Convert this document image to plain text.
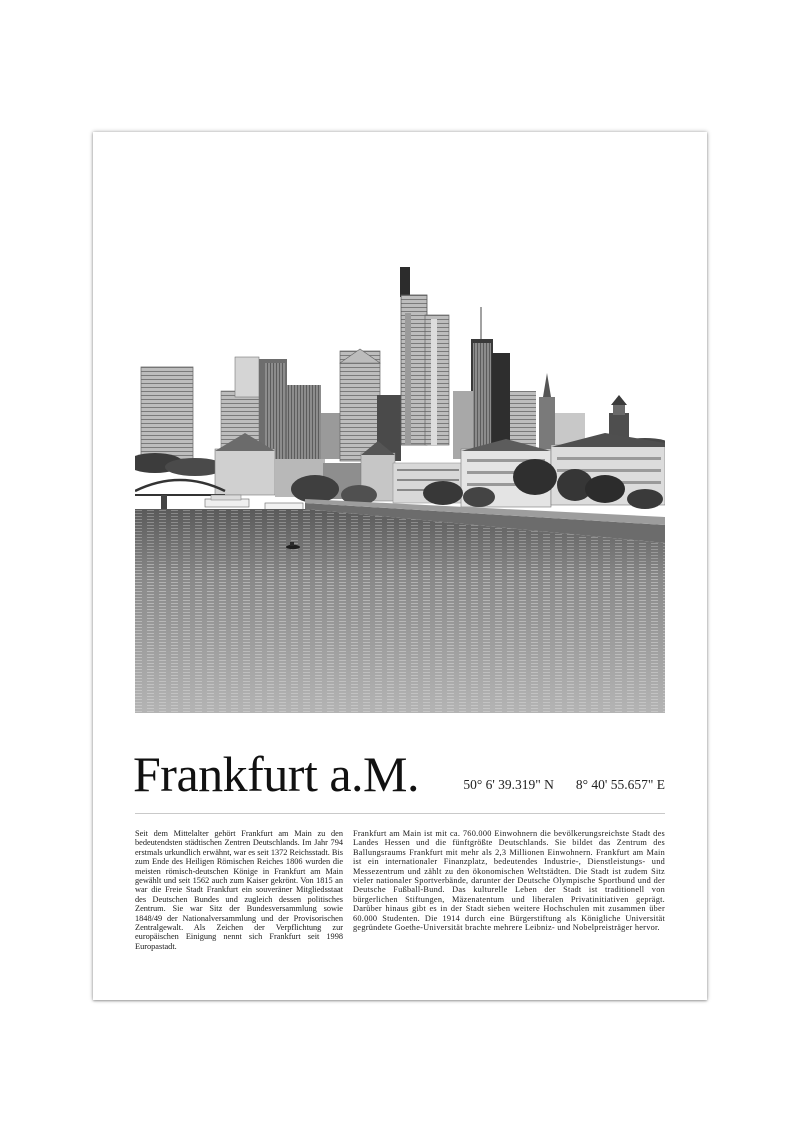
Frankfurt a.M.	50° 6' 39.319" N 8° 40' 55.657" E
Seit dem Mittelalter gehört Frankfurt am Main zu den bedeutendsten städtischen Zentren Deutschlands. Im Jahr 794 erstmals urkundlich erwähnt, war es seit 1372 Reichsstadt. Bis zum Ende des Heiligen Römischen Reiches 1806 wurden die meisten römisch-deutschen Könige in Frankfurt am Main gewählt und seit 1562 auch zum Kaiser gekrönt. Von 1815 an war die Freie Stadt Frankfurt ein souveräner Mitgliedsstaat des Deutschen Bundes und zugleich dessen politisches Zentrum. Sie war Sitz der Bundesversammlung sowie 1848/49 der Nationalversammlung und der Provisorischen Zentralgewalt. Als Zeichen der Verpflichtung zur europäischen Einigung nennt sich Frankfurt seit 1998 Europastadt.
Frankfurt am Main ist mit ca. 760.000 Einwohnern die bevölkerungsreichste Stadt des Landes Hessen und die fünftgrößte Deutschlands. Sie bildet das Zentrum des Ballungsraums Frankfurt mit mehr als 2,3 Millionen Einwohnern. Frankfurt am Main ist ein internationaler Finanzplatz, bedeutendes Industrie-, Dienstleistungs- und Messezentrum und zählt zu den ökonomischen Weltstädten. Die Stadt ist zudem Sitz vieler nationaler Sportverbände, darunter der Deutsche Olympische Sportbund und der Deutsche Fußball-Bund. Das kulturelle Leben der Stadt ist traditionell von bürgerlichen Stiftungen, Mäzenatentum und liberalen Privatinitiativen geprägt. Darüber hinaus gibt es in der Stadt sieben weitere Hochschulen mit zusammen über 60.000 Studenten. Die 1914 durch eine Bürgerstiftung als Königliche Universität gegründete Goethe-Universität brachte mehrere Leibniz- und Nobelpreisträger hervor.
